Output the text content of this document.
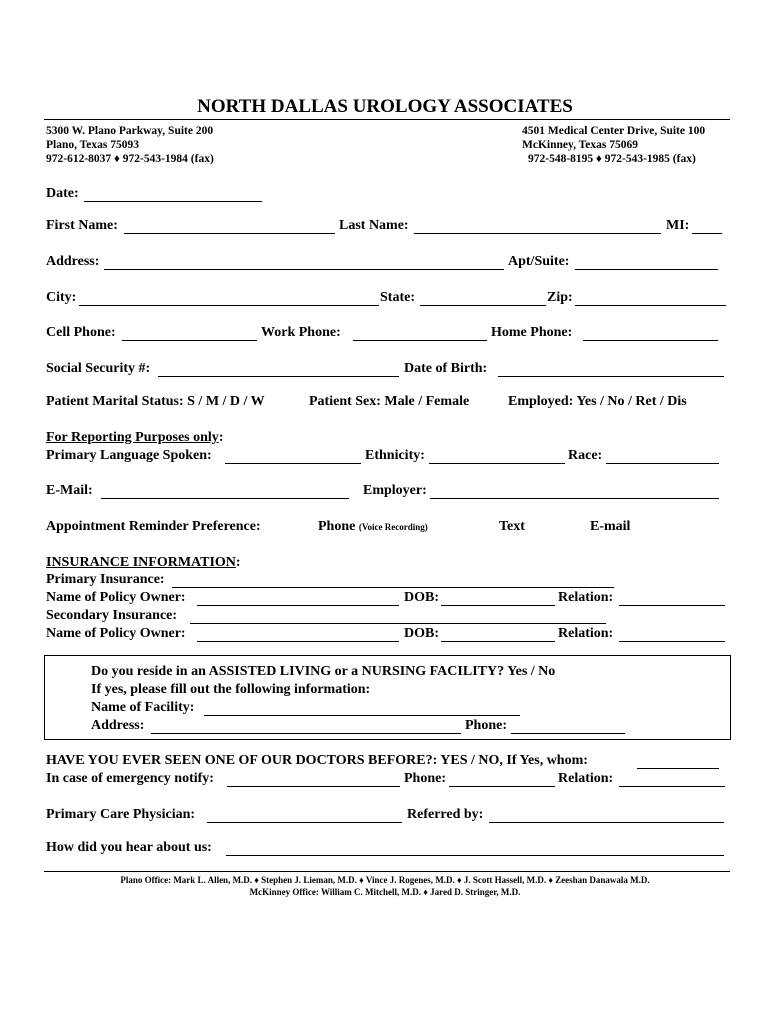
NORTH DALLAS UROLOGY ASSOCIATES
5300 W. Plano Parkway, Suite 200
Plano, Texas 75093
972-612-8037 ♦ 972-543-1984 (fax)
4501 Medical Center Drive, Suite 100
McKinney, Texas 75069
972-548-8195 ♦ 972-543-1985 (fax)
Date:
First Name:	Last Name:	MI:
Address:	Apt/Suite:
City:	State:	Zip:
Cell Phone:	Work Phone:	Home Phone:
Social Security #:	Date of Birth:
Patient Marital Status: S / M / D / W	Patient Sex: Male / Female	Employed: Yes / No / Ret / Dis
For Reporting Purposes only:
Primary Language Spoken:	Ethnicity:	Race:
E-Mail:	Employer:
Appointment Reminder Preference:	Phone (Voice Recording)	Text	E-mail
INSURANCE INFORMATION:
Primary Insurance:
Name of Policy Owner:	DOB:	Relation:
Secondary Insurance:
Name of Policy Owner:	DOB:	Relation:
Do you reside in an ASSISTED LIVING or a NURSING FACILITY? Yes / No
If yes, please fill out the following information:
Name of Facility:
Address:	Phone:
HAVE YOU EVER SEEN ONE OF OUR DOCTORS BEFORE?: YES / NO, If Yes, whom:
In case of emergency notify:	Phone:	Relation:
Primary Care Physician:	Referred by:
How did you hear about us:
Plano Office: Mark L. Allen, M.D. ♦ Stephen J. Lieman, M.D. ♦ Vince J. Rogenes, M.D. ♦ J. Scott Hassell, M.D. ♦ Zeeshan Danawala M.D.
McKinney Office: William C. Mitchell, M.D. ♦ Jared D. Stringer, M.D.
